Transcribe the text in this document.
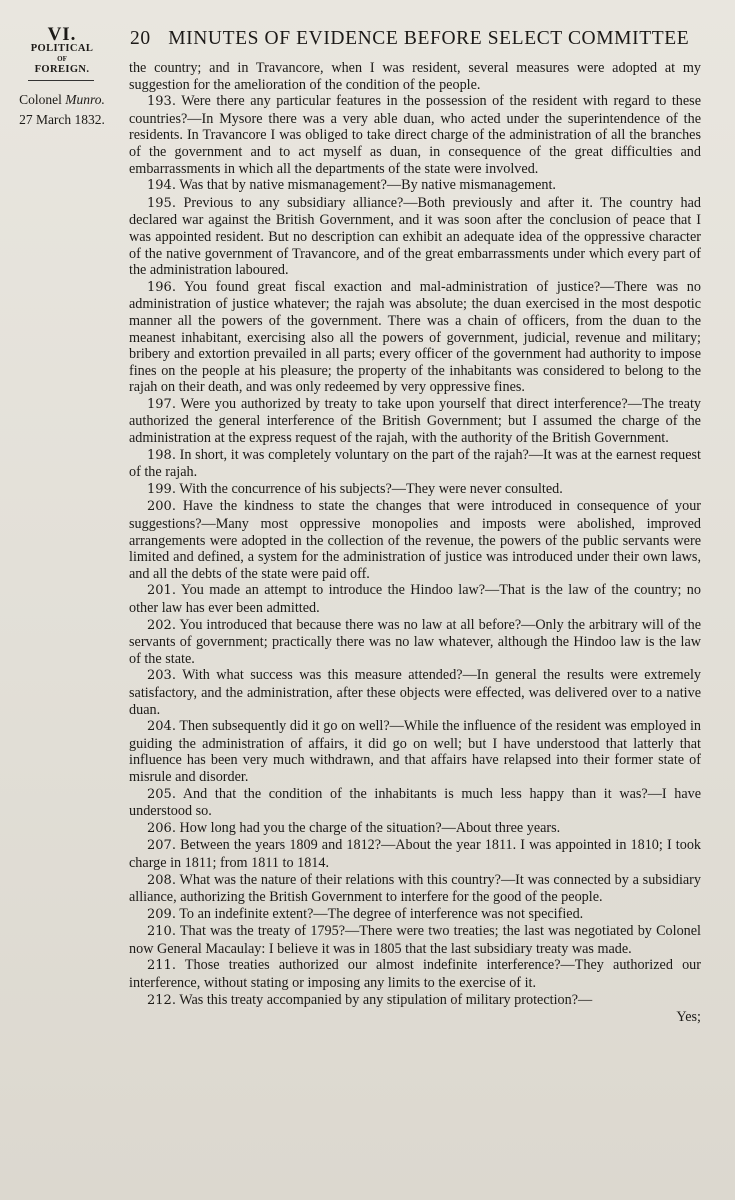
VI.
POLITICAL
OF
FOREIGN.
Colonel Munro.
27 March 1832.
20 MINUTES OF EVIDENCE BEFORE SELECT COMMITTEE

the country; and in Travancore, when I was resident, several measures were adopted at my suggestion for the amelioration of the condition of the people.

193. Were there any particular features in the possession of the resident with regard to these countries?—In Mysore there was a very able duan, who acted under the superintendence of the residents. In Travancore I was obliged to take direct charge of the administration of all the branches of the government and to act myself as duan, in consequence of the great difficulties and embarrassments in which all the departments of the state were involved.

194. Was that by native mismanagement?—By native mismanagement.

195. Previous to any subsidiary alliance?—Both previously and after it. The country had declared war against the British Government, and it was soon after the conclusion of peace that I was appointed resident. But no description can exhibit an adequate idea of the oppressive character of the native government of Travancore, and of the great embarrassments under which every part of the administration laboured.

196. You found great fiscal exaction and mal-administration of justice?—There was no administration of justice whatever; the rajah was absolute; the duan exercised in the most despotic manner all the powers of the government. There was a chain of officers, from the duan to the meanest inhabitant, exercising also all the powers of government, judicial, revenue and military; bribery and extortion prevailed in all parts; every officer of the government had authority to impose fines on the people at his pleasure; the property of the inhabitants was considered to belong to the rajah on their death, and was only redeemed by very oppressive fines.

197. Were you authorized by treaty to take upon yourself that direct interference?—The treaty authorized the general interference of the British Government; but I assumed the charge of the administration at the express request of the rajah, with the authority of the British Government.

198. In short, it was completely voluntary on the part of the rajah?—It was at the earnest request of the rajah.

199. With the concurrence of his subjects?—They were never consulted.

200. Have the kindness to state the changes that were introduced in consequence of your suggestions?—Many most oppressive monopolies and imposts were abolished, improved arrangements were adopted in the collection of the revenue, the powers of the public servants were limited and defined, a system for the administration of justice was introduced under their own laws, and all the debts of the state were paid off.

201. You made an attempt to introduce the Hindoo law?—That is the law of the country; no other law has ever been admitted.

202. You introduced that because there was no law at all before?—Only the arbitrary will of the servants of government; practically there was no law whatever, although the Hindoo law is the law of the state.

203. With what success was this measure attended?—In general the results were extremely satisfactory, and the administration, after these objects were effected, was delivered over to a native duan.

204. Then subsequently did it go on well?—While the influence of the resident was employed in guiding the administration of affairs, it did go on well; but I have understood that latterly that influence has been very much withdrawn, and that affairs have relapsed into their former state of misrule and disorder.

205. And that the condition of the inhabitants is much less happy than it was?—I have understood so.

206. How long had you the charge of the situation?—About three years.

207. Between the years 1809 and 1812?—About the year 1811. I was appointed in 1810; I took charge in 1811; from 1811 to 1814.

208. What was the nature of their relations with this country?—It was connected by a subsidiary alliance, authorizing the British Government to interfere for the good of the people.

209. To an indefinite extent?—The degree of interference was not specified.

210. That was the treaty of 1795?—There were two treaties; the last was negotiated by Colonel now General Macaulay: I believe it was in 1805 that the last subsidiary treaty was made.

211. Those treaties authorized our almost indefinite interference?—They authorized our interference, without stating or imposing any limits to the exercise of it.

212. Was this treaty accompanied by any stipulation of military protection?—

Yes;
